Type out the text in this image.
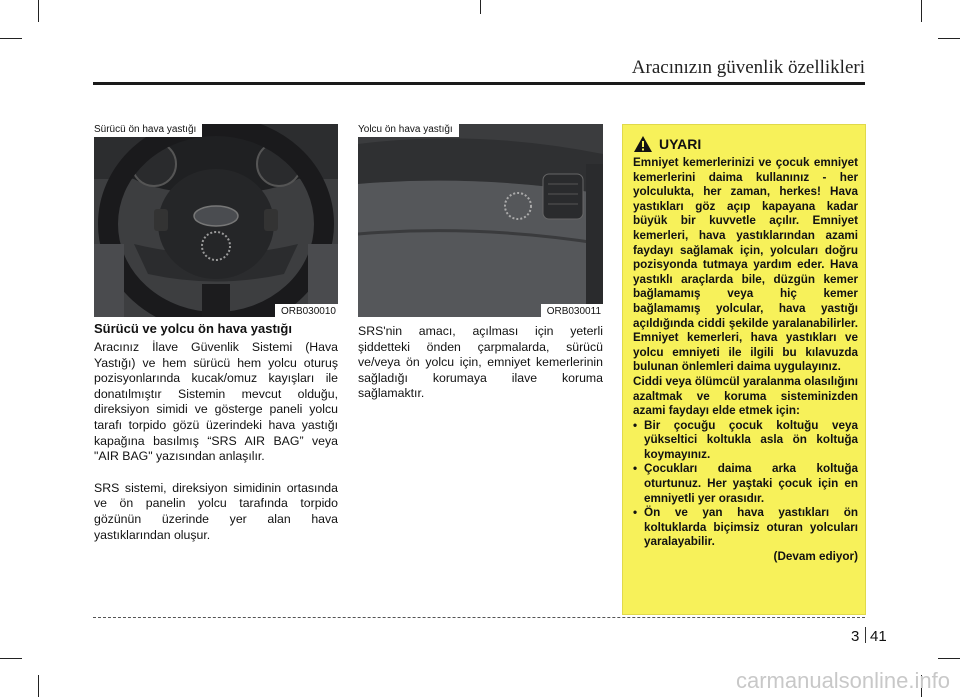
Aracınızın güvenlik özellikleri
Sürücü ön hava yastığı
ORB030010
Yolcu ön hava yastığı
ORB030011
Sürücü ve yolcu ön hava yastığı

Aracınız İlave Güvenlik Sistemi (Hava Yastığı) ve hem sürücü hem yolcu oturuş pozisyonlarında kucak/omuz kayışları ile donatılmıştır Sistemin mevcut olduğu, direksiyon simidi ve gösterge paneli yolcu tarafı torpido gözü üzerindeki hava yastığı kapağına basılmış “SRS AIR BAG” veya "AIR BAG" yazısından anlaşılır.

SRS sistemi, direksiyon simidinin ortasında ve ön panelin yolcu tarafında torpido gözünün üzerinde yer alan hava yastıklarından oluşur.

SRS'nin amacı, açılması için yeterli şiddetteki önden çarpmalarda, sürücü ve/veya ön yolcu için, emniyet kemerlerinin sağladığı korumaya ilave koruma sağlamaktır.

UYARI

Emniyet kemerlerinizi ve çocuk emniyet kemerlerini daima kullanınız - her yolculukta, her zaman, herkes! Hava yastıkları göz açıp kapayana kadar büyük bir kuvvetle açılır. Emniyet kemerleri, hava yastıklarından azami faydayı sağlamak için, yolcuları doğru pozisyonda tutmaya yardım eder. Hava yastıklı araçlarda bile, düzgün kemer bağlamamış veya hiç kemer bağlamamış yolcular, hava yastığı açıldığında ciddi şekilde yaralanabilirler. Emniyet kemerleri, hava yastıkları ve yolcu emniyeti ile ilgili bu kılavuzda bulunan önlemleri daima uygulayınız.

Ciddi veya ölümcül yaralanma olasılığını azaltmak ve koruma sisteminizden azami faydayı elde etmek için:

• Bir çocuğu çocuk koltuğu veya yükseltici koltukla asla ön koltuğa koymayınız.
• Çocukları daima arka koltuğa oturtunuz. Her yaştaki çocuk için en emniyetli yer orasıdır.
• Ön ve yan hava yastıkları ön koltuklarda biçimsiz oturan yolcuları yaralayabilir.

(Devam ediyor)

3 41
carmanualsonline.info
